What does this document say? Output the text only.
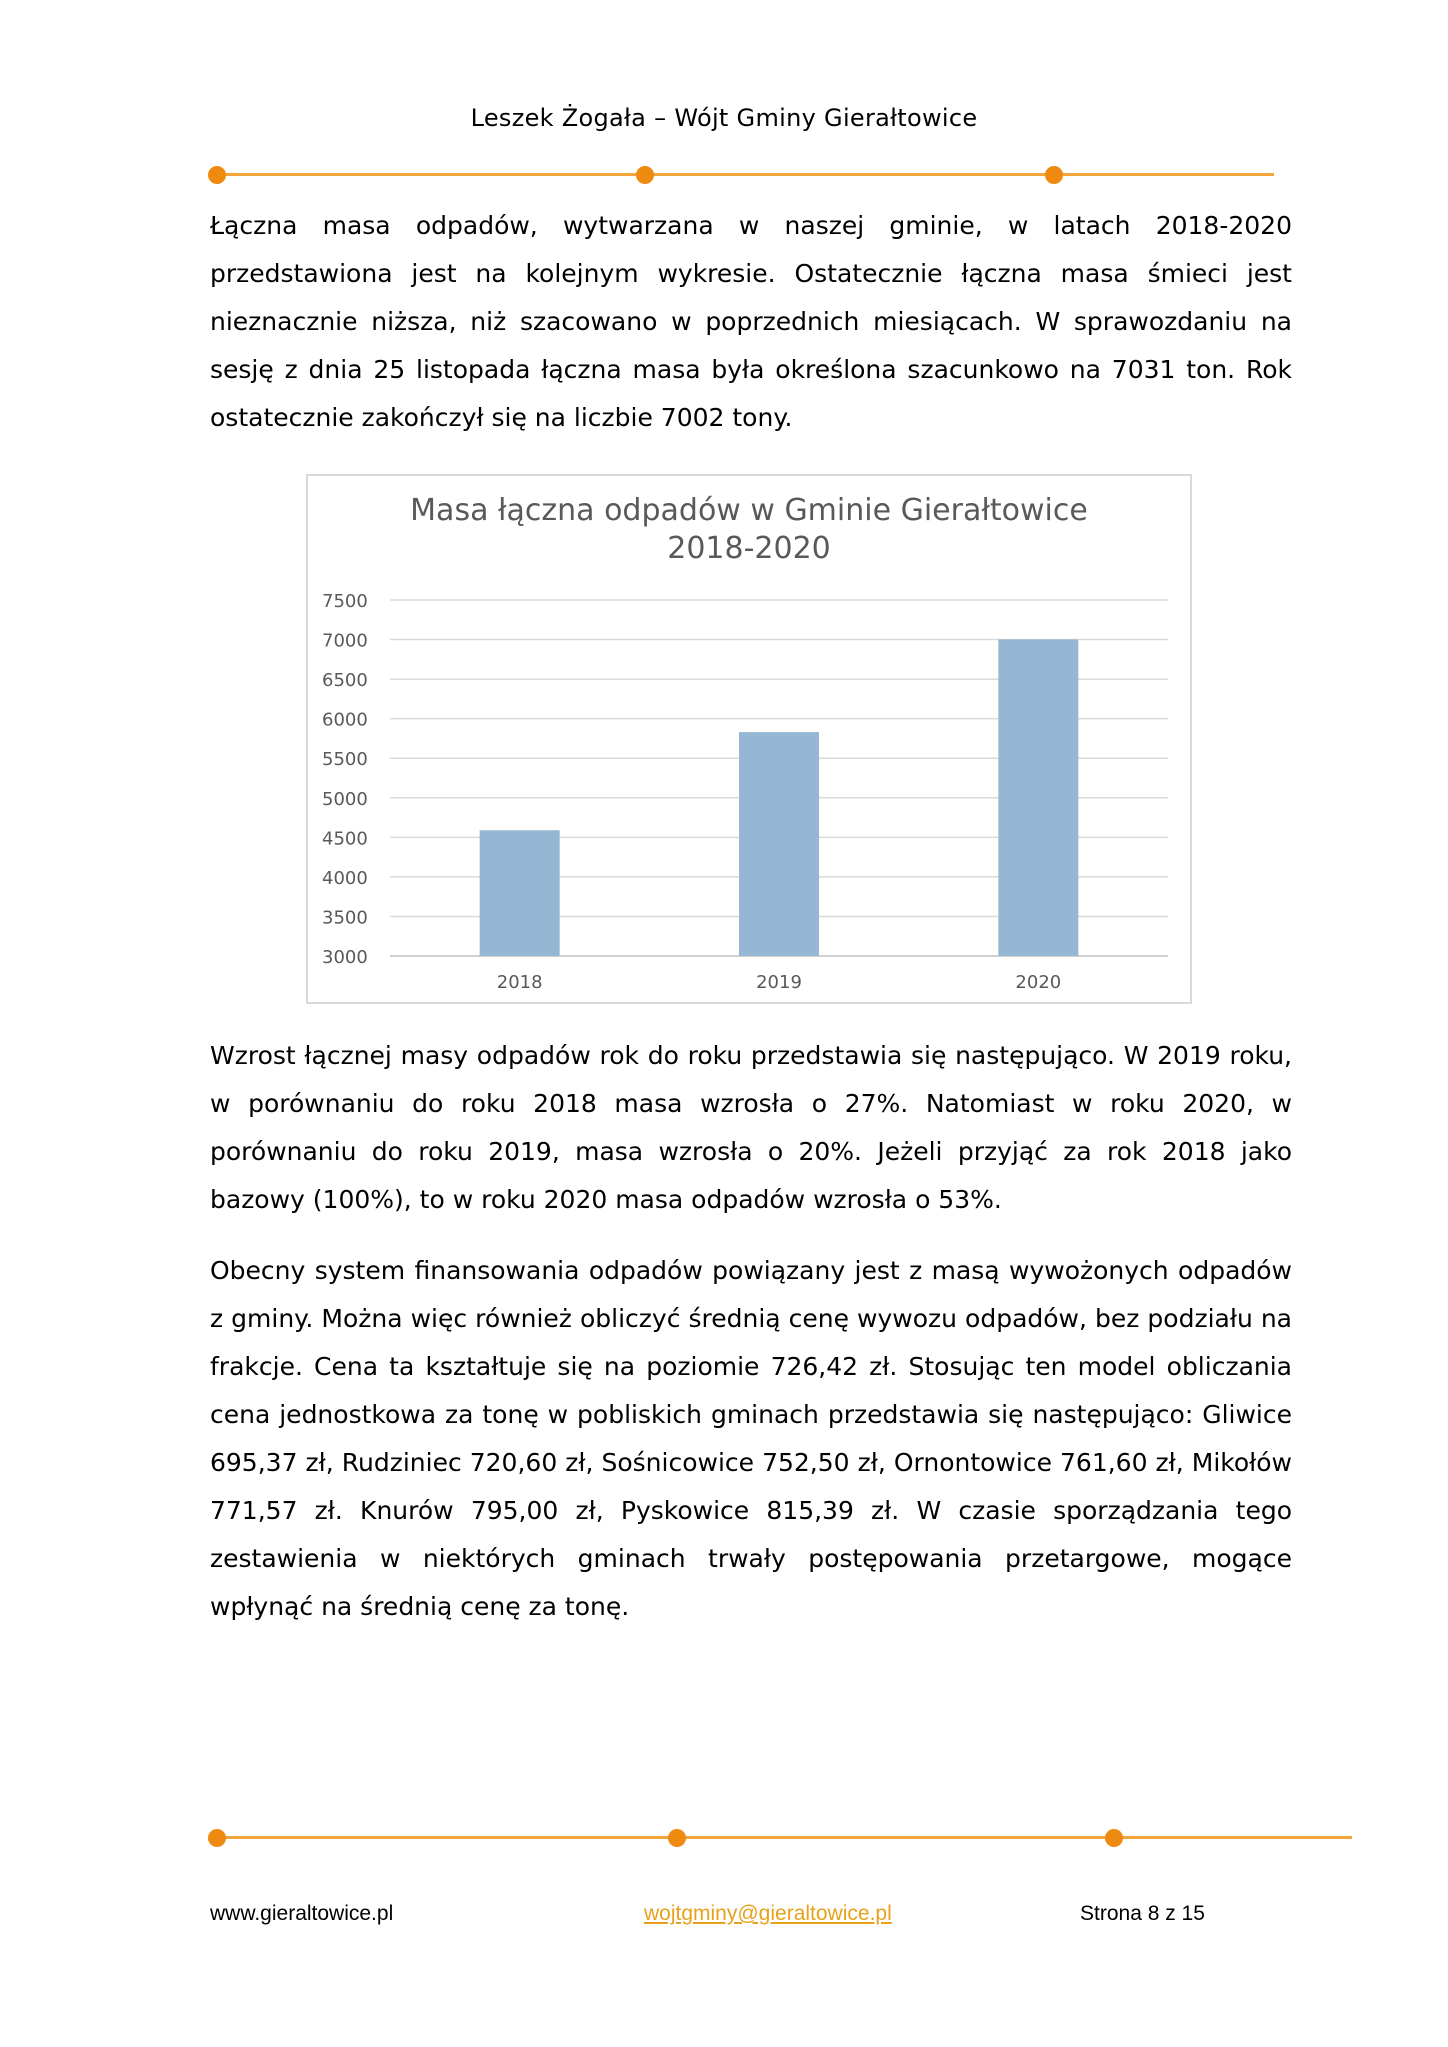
Leszek Żogała – Wójt Gminy Gierałtowice

Łączna masa odpadów, wytwarzana w naszej gminie, w latach 2018-2020 przedstawiona jest na kolejnym wykresie. Ostatecznie łączna masa śmieci jest nieznacznie niższa, niż szacowano w poprzednich miesiącach. W sprawozdaniu na sesję z dnia 25 listopada łączna masa była określona szacunkowo na 7031 ton. Rok ostatecznie zakończył się na liczbie 7002 tony.

Masa łączna odpadów w Gminie Gierałtowice
2018-2020
3000
3500
4000
4500
5000
5500
6000
6500
7000
7500
2018	2019	2020

Wzrost łącznej masy odpadów rok do roku przedstawia się następująco. W 2019 roku, w porównaniu do roku 2018 masa wzrosła o 27%. Natomiast w roku 2020, w porównaniu do roku 2019, masa wzrosła o 20%. Jeżeli przyjąć za rok 2018 jako bazowy (100%), to w roku 2020 masa odpadów wzrosła o 53%.

Obecny system finansowania odpadów powiązany jest z masą wywożonych odpadów z gminy. Można więc również obliczyć średnią cenę wywozu odpadów, bez podziału na frakcje. Cena ta kształtuje się na poziomie 726,42 zł. Stosując ten model obliczania cena jednostkowa za tonę w pobliskich gminach przedstawia się następująco: Gliwice 695,37 zł, Rudziniec 720,60 zł, Sośnicowice 752,50 zł, Ornontowice 761,60 zł, Mikołów 771,57 zł. Knurów 795,00 zł, Pyskowice 815,39 zł. W czasie sporządzania tego zestawienia w niektórych gminach trwały postępowania przetargowe, mogące wpłynąć na średnią cenę za tonę.

www.gieraltowice.pl	wojtgminy@gieraltowice.pl	Strona 8 z 15
